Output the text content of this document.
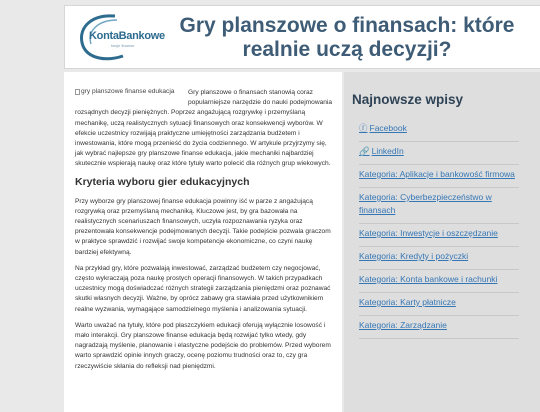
KontaBankowe
twoje finanse
Gry planszowe o finansach: które realnie uczą decyzji?
gry planszowe finanse edukacja	Gry planszowe o finansach stanowią coraz popularniejsze narzędzie do nauki podejmowania rozsądnych decyzji pieniężnych. Poprzez angażującą rozgrywkę i przemyślaną mechanikę, uczą realistycznych sytuacji finansowych oraz konsekwencji wyborów. W efekcie uczestnicy rozwijają praktyczne umiejętności zarządzania budżetem i inwestowania, które mogą przenieść do życia codziennego. W artykule przyjrzymy się, jak wybrać najlepsze gry planszowe finanse edukacja, jakie mechaniki najbardziej skutecznie wspierają naukę oraz które tytuły warto polecić dla różnych grup wiekowych.

Kryteria wyboru gier edukacyjnych

Przy wyborze gry planszowej finanse edukacja powinny iść w parze z angażującą rozgrywką oraz przemyślaną mechaniką. Kluczowe jest, by gra bazowała na realistycznych scenariuszach finansowych, uczyła rozpoznawania ryzyka oraz prezentowała konsekwencje podejmowanych decyzji. Takie podejście pozwala graczom w praktyce sprawdzić i rozwijać swoje kompetencje ekonomiczne, co czyni naukę bardziej efektywną.

Na przykład gry, które pozwalają inwestować, zarządzać budżetem czy negocjować, często wykraczają poza naukę prostych operacji finansowych. W takich przypadkach uczestnicy mogą doświadczać różnych strategii zarządzania pieniędzmi oraz poznawać skutki własnych decyzji. Ważne, by oprócz zabawy gra stawiała przed użytkownikiem realne wyzwania, wymagające samodzielnego myślenia i analizowania sytuacji.

Warto uważać na tytuły, które pod płaszczykiem edukacji oferują wyłącznie losowość i mało interakcji. Gry planszowe finanse edukacja będą rozwijać tylko wtedy, gdy nagradzają myślenie, planowanie i elastyczne podejście do problemów. Przed wyborem warto sprawdzić opinie innych graczy, ocenę poziomu trudności oraz to, czy gra rzeczywiście skłania do refleksji nad pieniędzmi.

Najnowsze wpisy
ⓕ Facebook
🔗 LinkedIn
Kategoria: Aplikacje i bankowość firmowa
Kategoria: Cyberbezpieczeństwo w finansach
Kategoria: Inwestycje i oszczędzanie
Kategoria: Kredyty i pożyczki
Kategoria: Konta bankowe i rachunki
Kategoria: Karty płatnicze
Kategoria: Zarządzanie
